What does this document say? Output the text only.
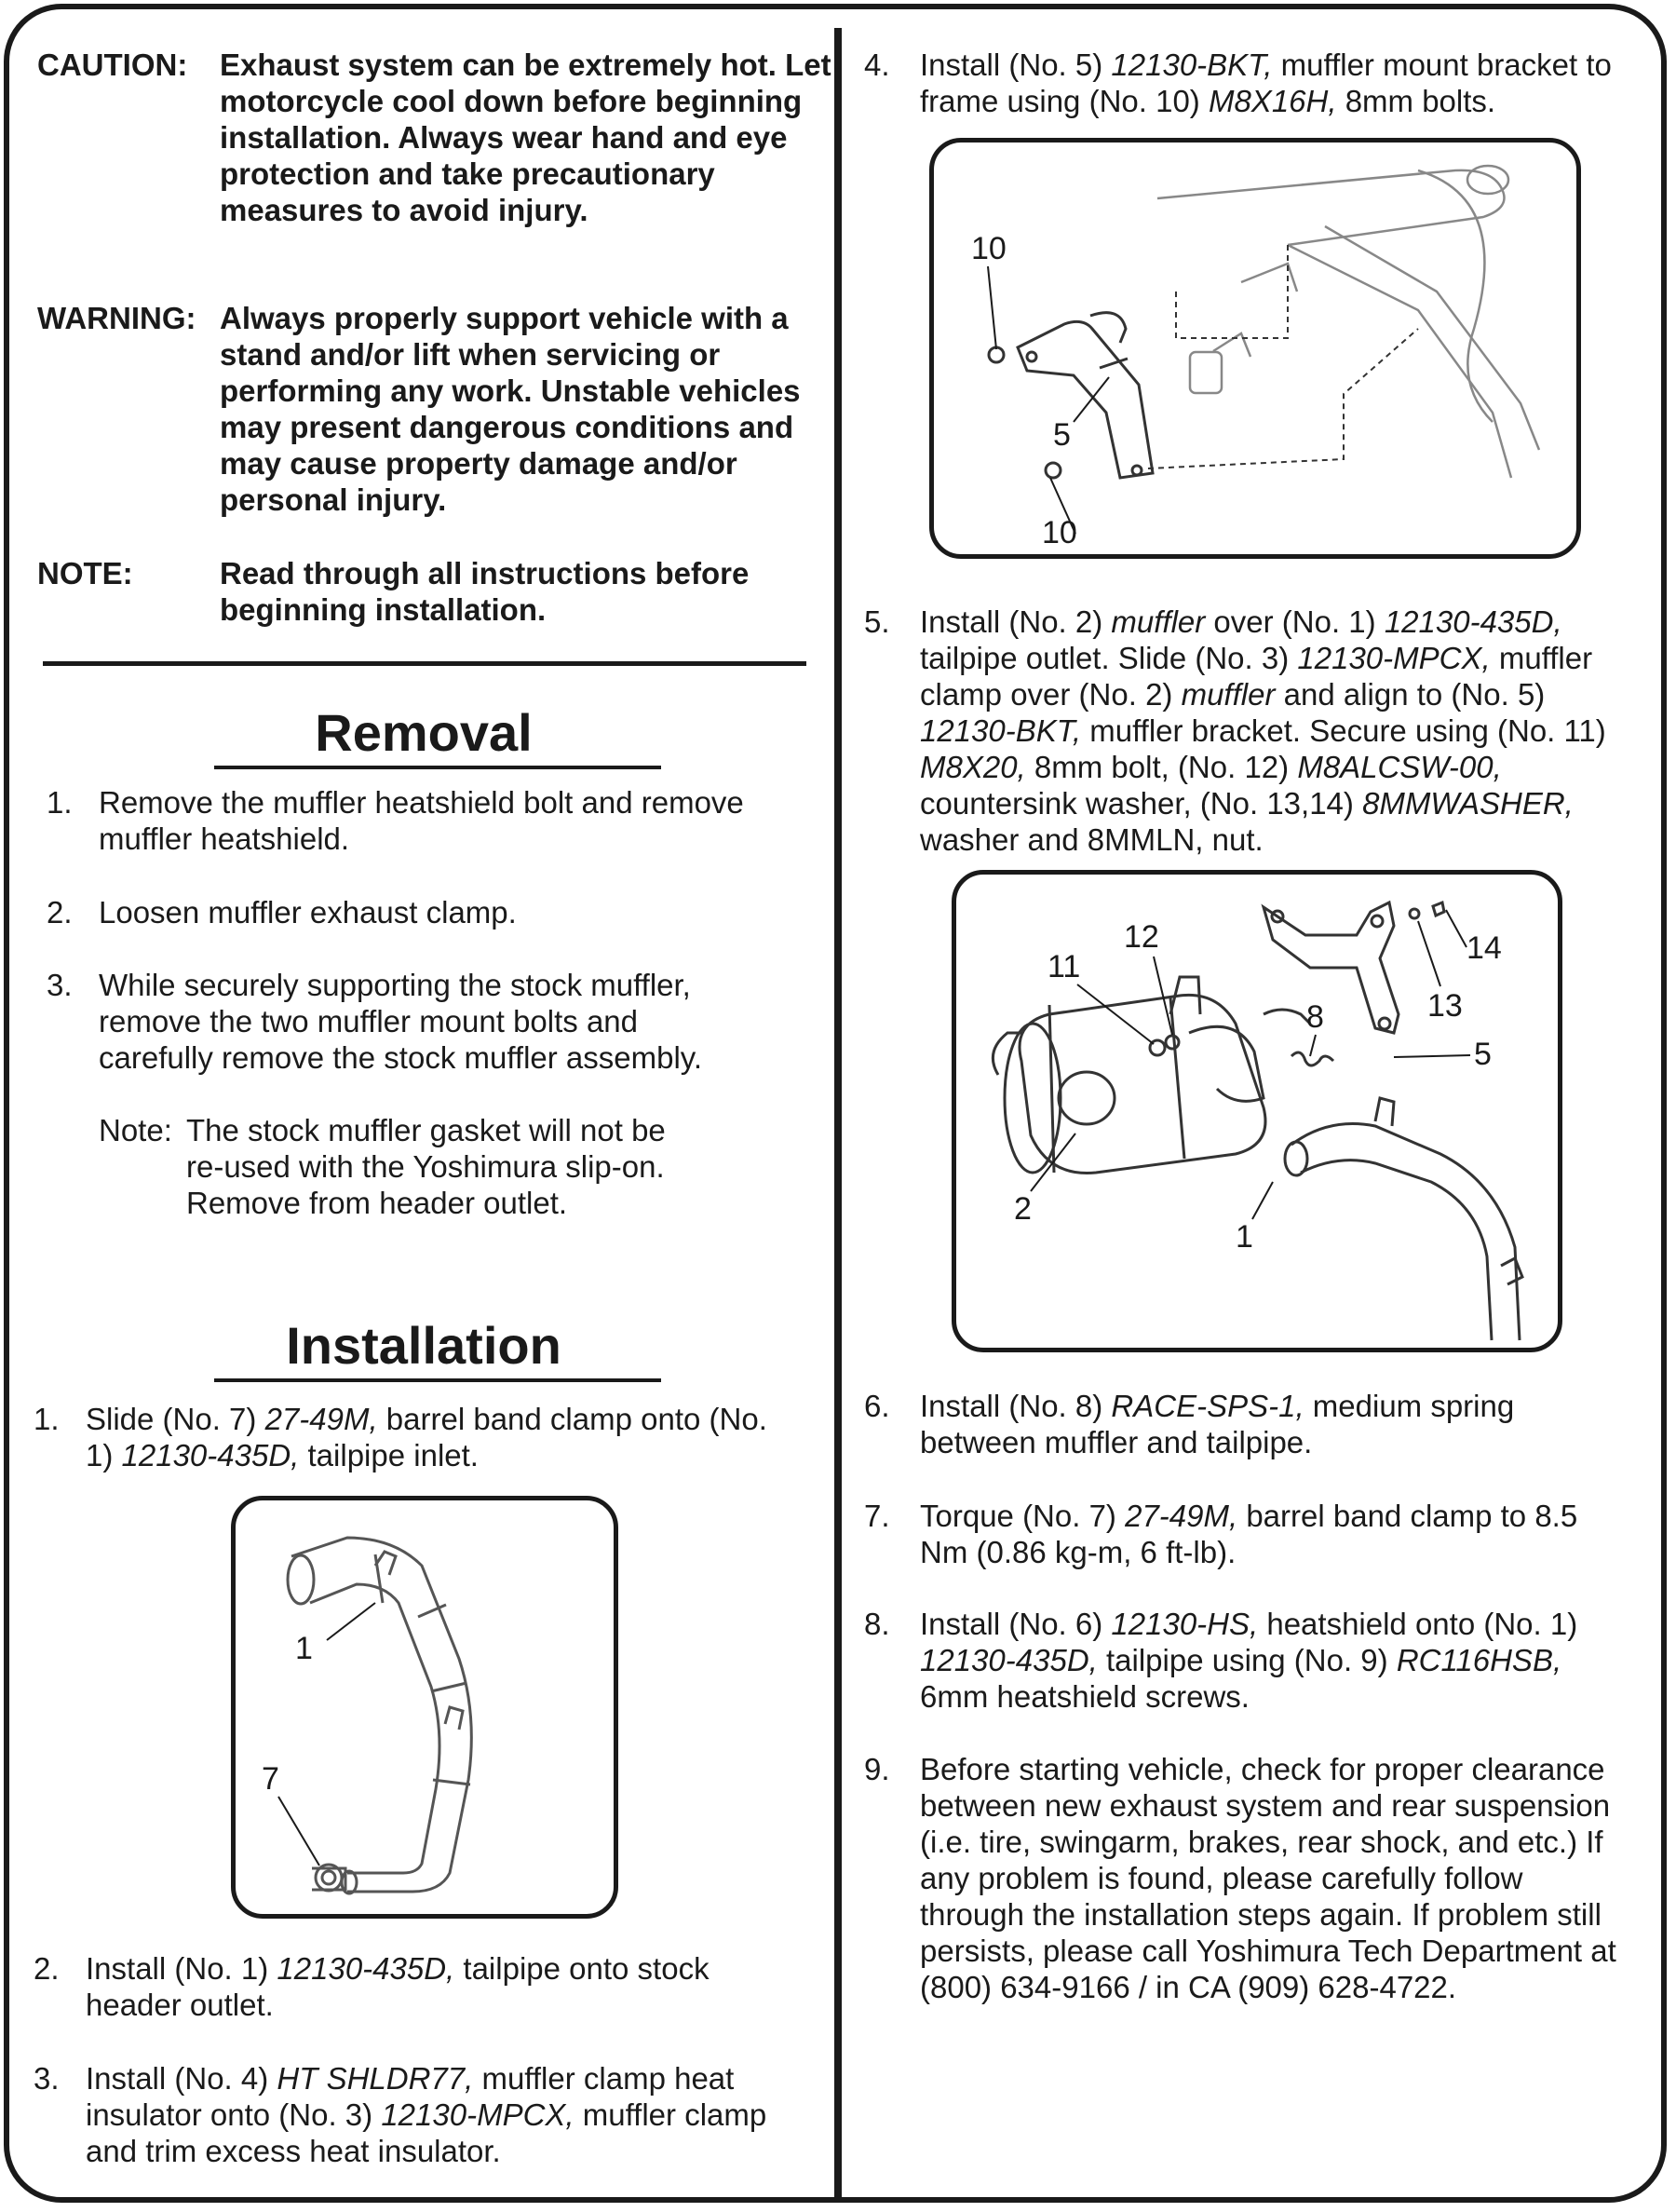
CAUTION: Exhaust system can be extremely hot. Let motorcycle cool down before beginning installation. Always wear hand and eye protection and take precautionary measures to avoid injury.
WARNING: Always properly support vehicle with a stand and/or lift when servicing or performing any work. Unstable vehicles may present dangerous conditions and may cause property damage and/or personal injury.
NOTE:	Read through all instructions before beginning installation.
Removal
1. Remove the muffler heatshield bolt and remove muffler heatshield.
2. Loosen muffler exhaust clamp.
3. While securely supporting the stock muffler, remove the two muffler mount bolts and carefully remove the stock muffler assembly.
Note: The stock muffler gasket will not be re-used with the Yoshimura slip-on. Remove from header outlet.
Installation
1. Slide (No. 7) 27-49M, barrel band clamp onto (No. 1) 12130-435D, tailpipe inlet.
1
7
2. Install (No. 1) 12130-435D, tailpipe onto stock header outlet.
3. Install (No. 4) HT SHLDR77, muffler clamp heat insulator onto (No. 3) 12130-MPCX, muffler clamp and trim excess heat insulator.
4. Install (No. 5) 12130-BKT, muffler mount bracket to frame using (No. 10) M8X16H, 8mm bolts.
10
5
10
5. Install (No. 2) muffler over (No. 1) 12130-435D, tailpipe outlet. Slide (No. 3) 12130-MPCX, muffler clamp over (No. 2) muffler and align to (No. 5) 12130-BKT, muffler bracket. Secure using (No. 11) M8X20, 8mm bolt, (No. 12) M8ALCSW-00, countersink washer, (No. 13,14) 8MMWASHER, washer and 8MMLN, nut.
11
12	14
13
8
5
2
1
6. Install (No. 8) RACE-SPS-1, medium spring between muffler and tailpipe.
7. Torque (No. 7) 27-49M, barrel band clamp to 8.5 Nm (0.86 kg-m, 6 ft-lb).
8. Install (No. 6) 12130-HS, heatshield onto (No. 1) 12130-435D, tailpipe using (No. 9) RC116HSB, 6mm heatshield screws.
9. Before starting vehicle, check for proper clearance between new exhaust system and rear suspension (i.e. tire, swingarm, brakes, rear shock, and etc.) If any problem is found, please carefully follow through the installation steps again. If problem still persists, please call Yoshimura Tech Department at (800) 634-9166 / in CA (909) 628-4722.
